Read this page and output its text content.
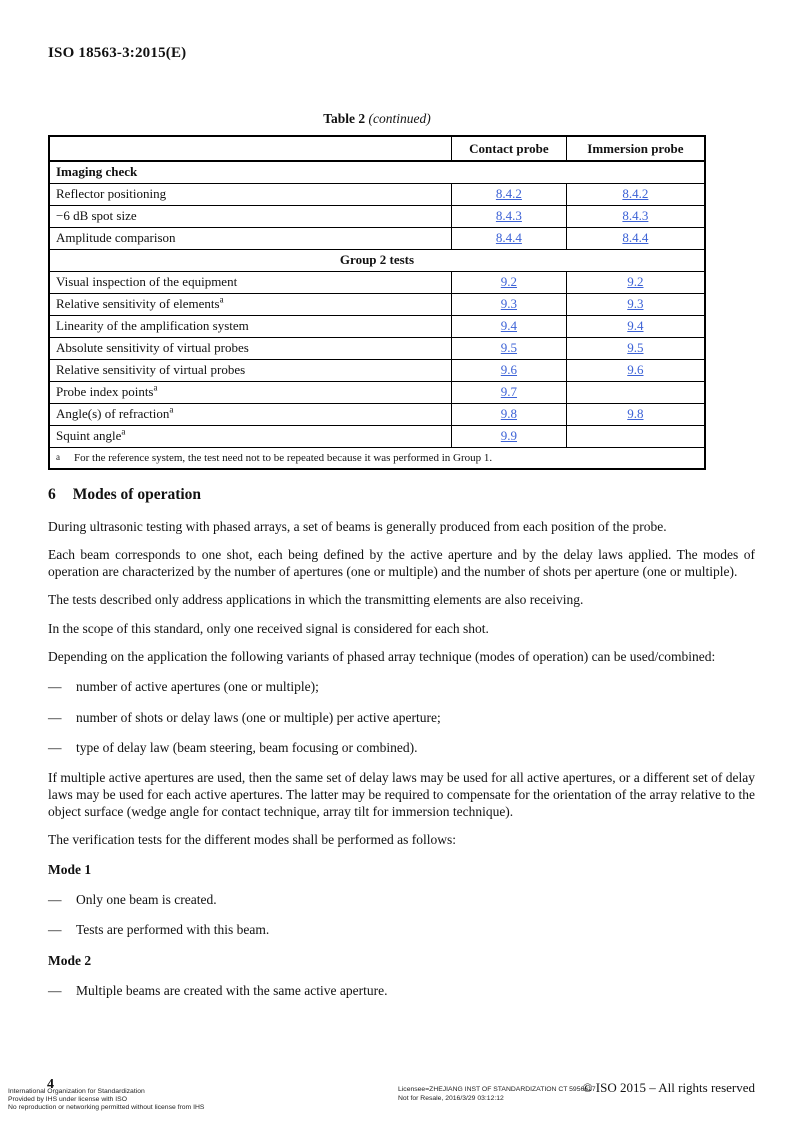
ISO 18563-3:2015(E)
Table 2 (continued)
	Contact probe	Immersion probe
Imaging check		
Reflector positioning	8.4.2	8.4.2
−6 dB spot size	8.4.3	8.4.3
Amplitude comparison	8.4.4	8.4.4
Group 2 tests		
Visual inspection of the equipment	9.2	9.2
Relative sensitivity of elements$^a$	9.3	9.3
Linearity of the amplification system	9.4	9.4
Absolute sensitivity of virtual probes	9.5	9.5
Relative sensitivity of virtual probes	9.6	9.6
Probe index points$^a$	9.7	
Angle(s) of refraction$^a$	9.8	9.8
Squint angle$^a$	9.9	
$^a$ For the reference system, the test need not to be repeated because it was performed in Group 1.		
6 Modes of operation

During ultrasonic testing with phased arrays, a set of beams is generally produced from each position of the probe.

Each beam corresponds to one shot, each being defined by the active aperture and by the delay laws applied. The modes of operation are characterized by the number of apertures (one or multiple) and the number of shots per aperture (one or multiple).

The tests described only address applications in which the transmitting elements are also receiving.

In the scope of this standard, only one received signal is considered for each shot.

Depending on the application the following variants of phased array technique (modes of operation) can be used/combined:

—	number of active apertures (one or multiple);
—	number of shots or delay laws (one or multiple) per active aperture;
—	type of delay law (beam steering, beam focusing or combined).

If multiple active apertures are used, then the same set of delay laws may be used for all active apertures, or a different set of delay laws may be used for each active apertures. The latter may be required to compensate for the orientation of the array relative to the object surface (wedge angle for contact technique, array tilt for immersion technique).

The verification tests for the different modes shall be performed as follows:

Mode 1

—	Only one beam is created.
—	Tests are performed with this beam.

Mode 2

—	Multiple beams are created with the same active aperture.
4
International Organization for Standardization
Provided by IHS under license with ISO
No reproduction or networking permitted without license from IHS
Licensee=ZHEJIANG INST OF STANDARDIZATION CT 5956617
Not for Resale, 2016/3/29 03:12:12
© ISO 2015 – All rights reserved
